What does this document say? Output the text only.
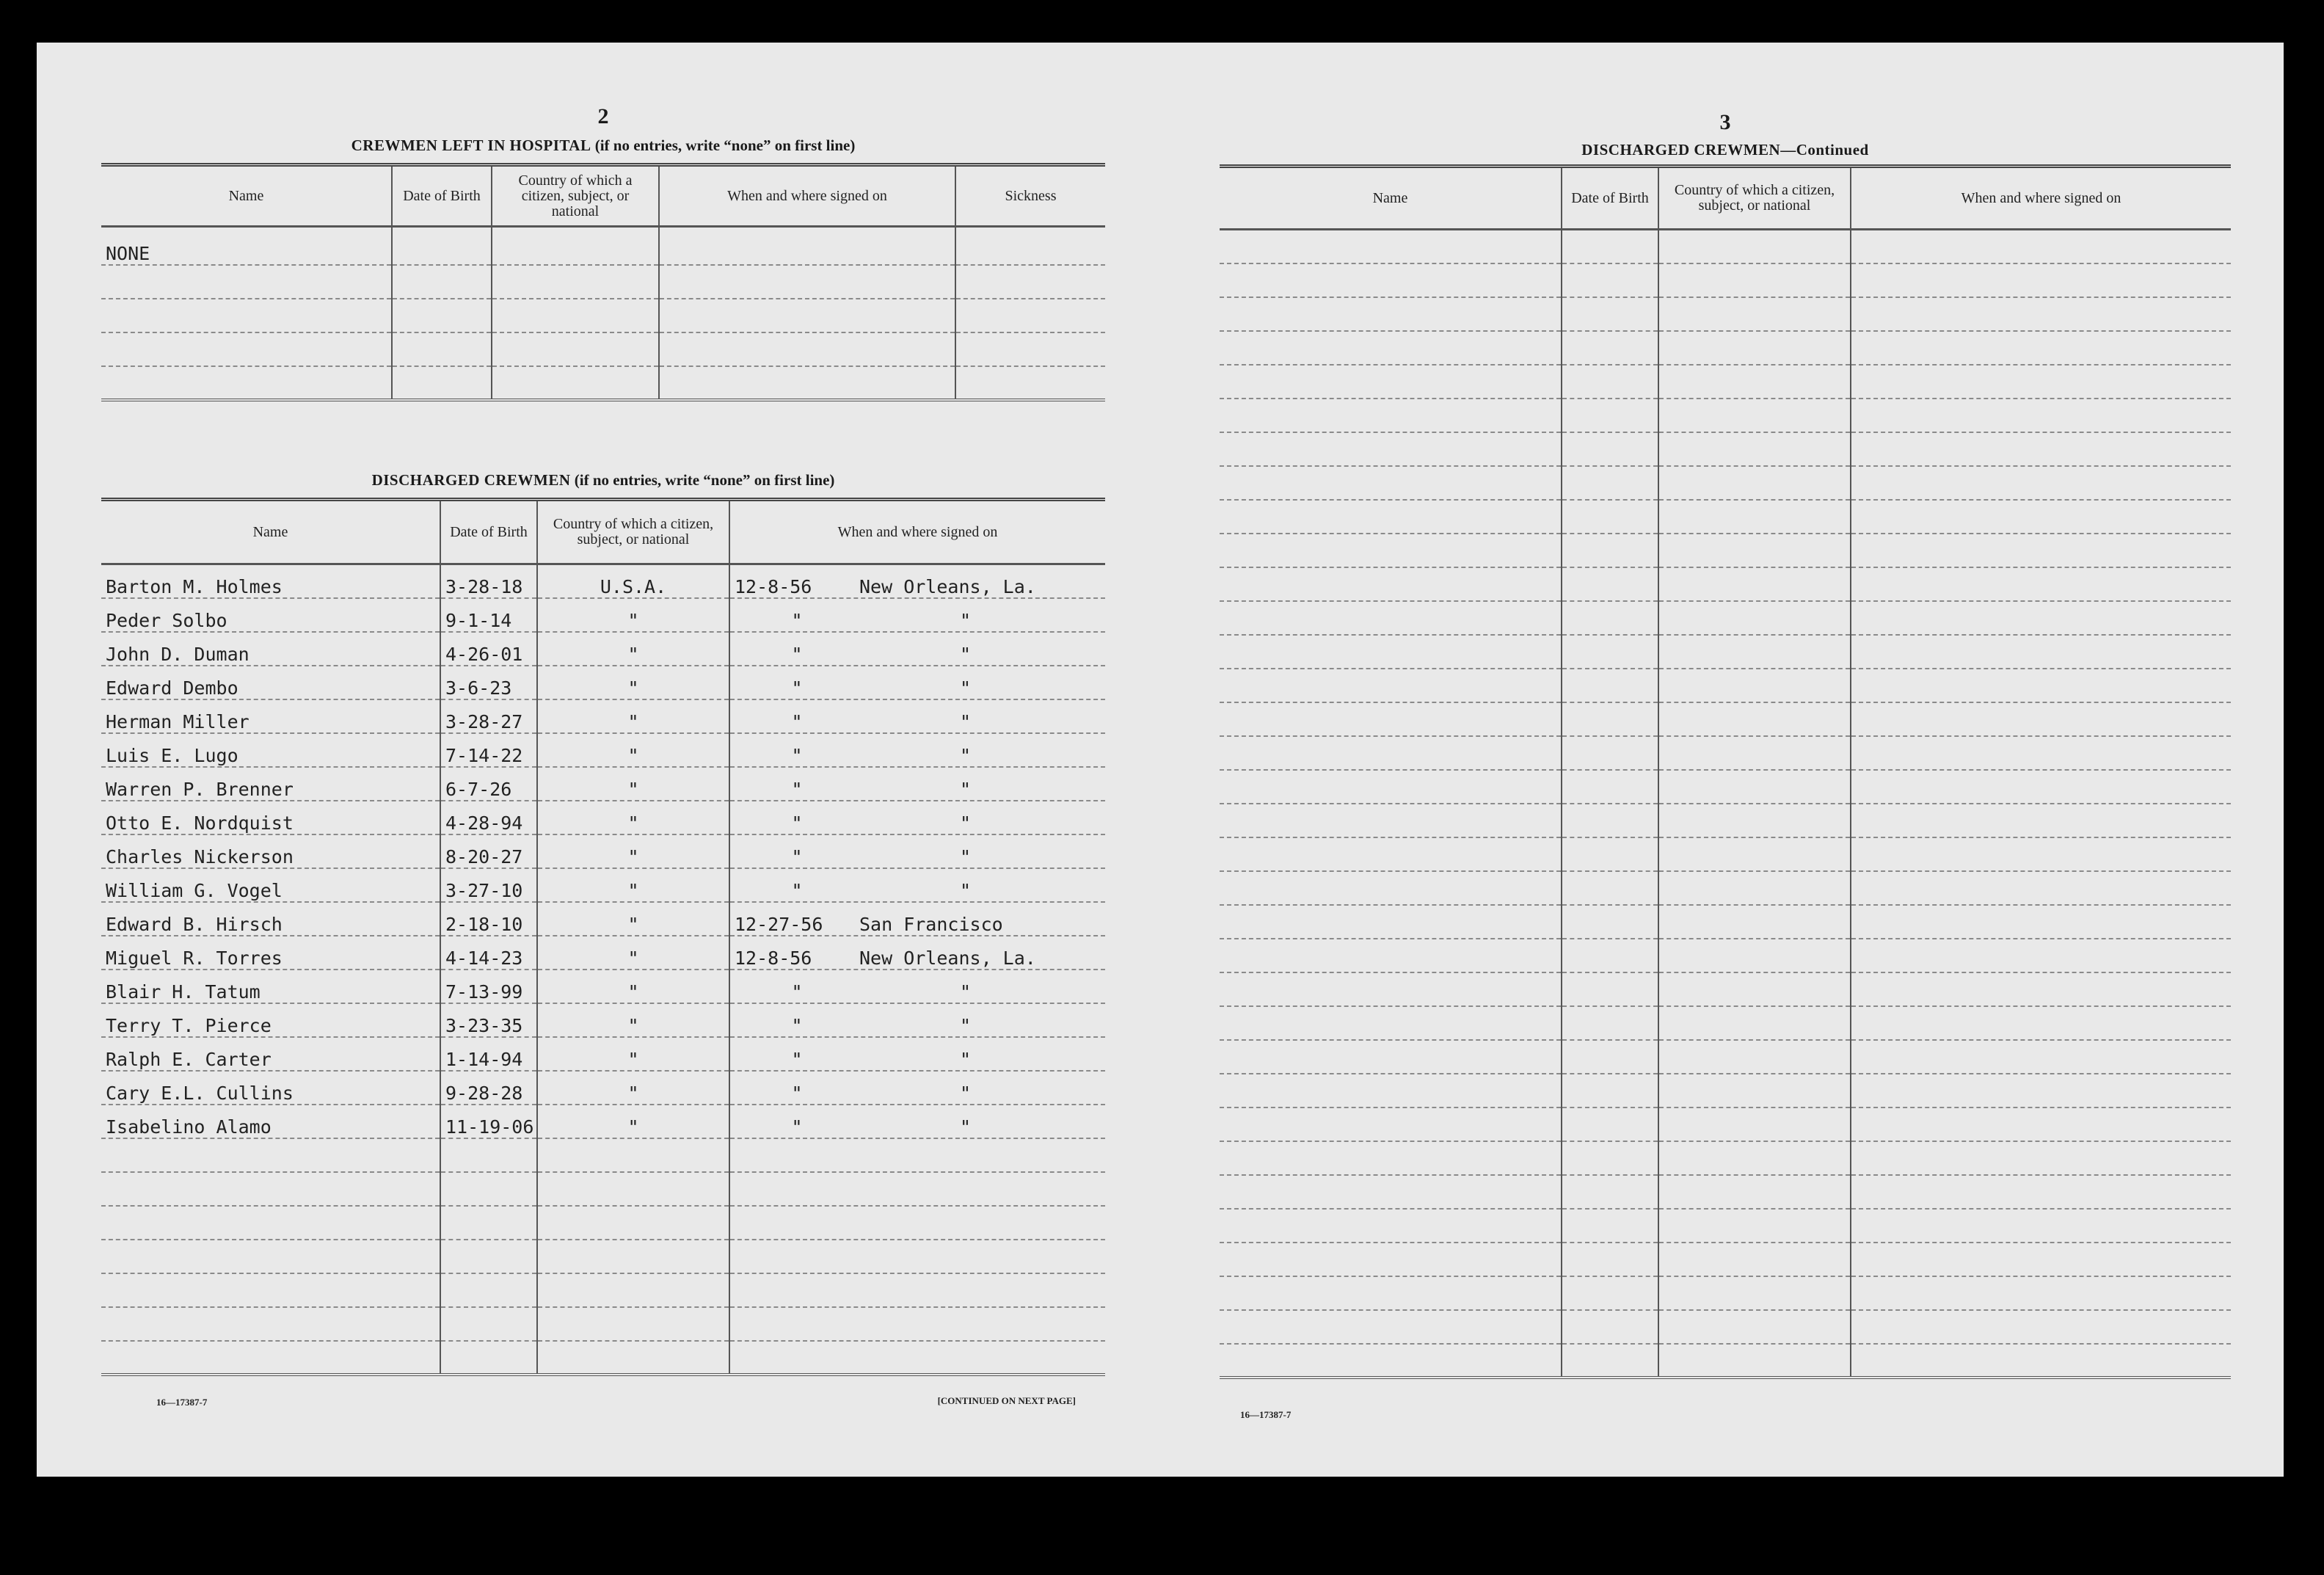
2
CREWMEN LEFT IN HOSPITAL (if no entries, write “none” on first line)
Name	Date of Birth	Country of which a citizen, subject, or national	When and where signed on	Sickness
NONE				

DISCHARGED CREWMEN (if no entries, write “none” on first line)
Name	Date of Birth	Country of which a citizen, subject, or national	When and where signed on
Barton M. Holmes	3-28-18	U.S.A.	12-8-56 New Orleans, La.

Peder Solbo	9-1-14	"	" "

John D. Duman	4-26-01	"	" "

Edward Dembo	3-6-23	"	" "

Herman Miller	3-28-27	"	" "

Luis E. Lugo	7-14-22	"	" "

Warren P. Brenner	6-7-26	"	" "

Otto E. Nordquist	4-28-94	"	" "

Charles Nickerson	8-20-27	"	" "

William G. Vogel	3-27-10	"	" "

Edward B. Hirsch	2-18-10	"	12-27-56 San Francisco

Miguel R. Torres	4-14-23	"	12-8-56 New Orleans, La.

Blair H. Tatum	7-13-99	"	" "

Terry T. Pierce	3-23-35	"	" "

Ralph E. Carter	1-14-94	"	" "

Cary E.L. Cullins	9-28-28	"	" "

Isabelino Alamo	11-19-06	"	" "

16—17387-7	[CONTINUED ON NEXT PAGE]
3
DISCHARGED CREWMEN—Continued
Name	Date of Birth	Country of which a citizen, subject, or national	When and where signed on

16—17387-7
